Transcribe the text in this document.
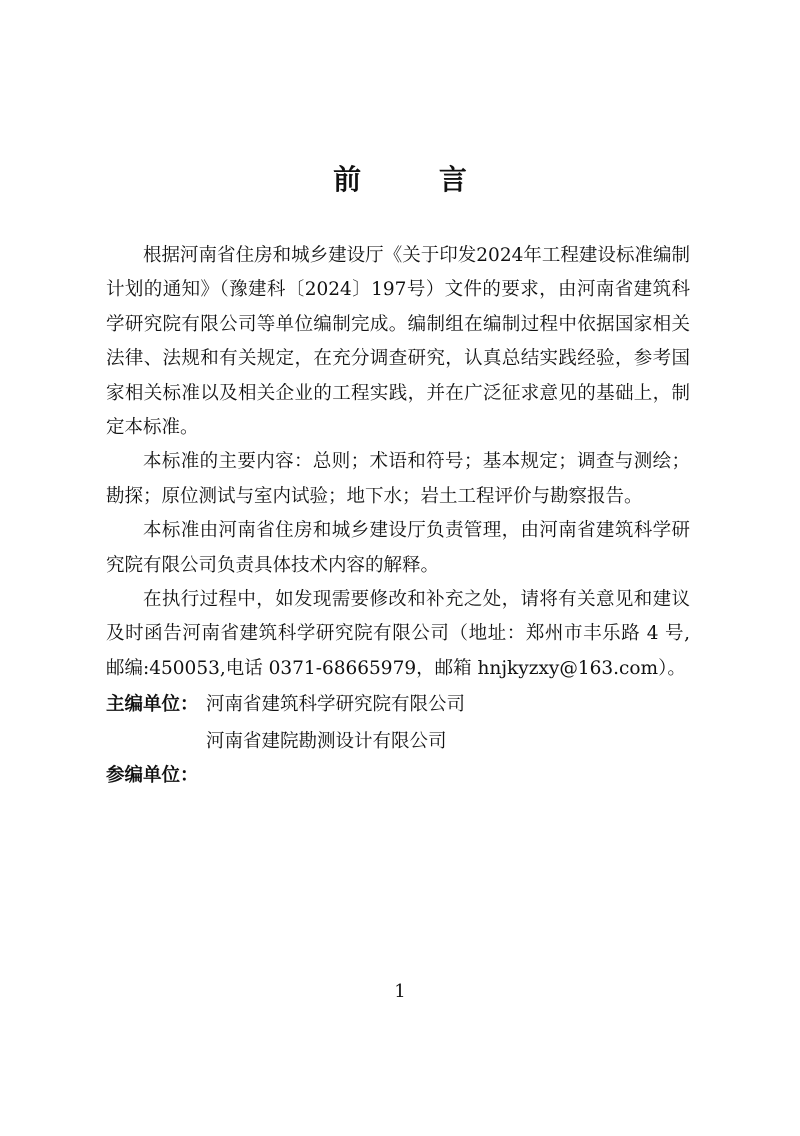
前 言

根据河南省住房和城乡建设厅《关于印发2024年工程建设标准编制计划的通知》（豫建科〔2024〕197号）文件的要求，由河南省建筑科学研究院有限公司等单位编制完成。编制组在编制过程中依据国家相关法律、法规和有关规定，在充分调查研究，认真总结实践经验，参考国家相关标准以及相关企业的工程实践，并在广泛征求意见的基础上，制定本标准。

本标准的主要内容：总则；术语和符号；基本规定；调查与测绘；勘探；原位测试与室内试验；地下水；岩土工程评价与勘察报告。

本标准由河南省住房和城乡建设厅负责管理，由河南省建筑科学研究院有限公司负责具体技术内容的解释。

在执行过程中，如发现需要修改和补充之处，请将有关意见和建议及时函告河南省建筑科学研究院有限公司（地址：郑州市丰乐路 4 号,邮编:450053,电话 0371-68665979，邮箱 hnjkyzxy@163.com）。

主编单位： 河南省建筑科学研究院有限公司
河南省建院勘测设计有限公司
参编单位：
1
